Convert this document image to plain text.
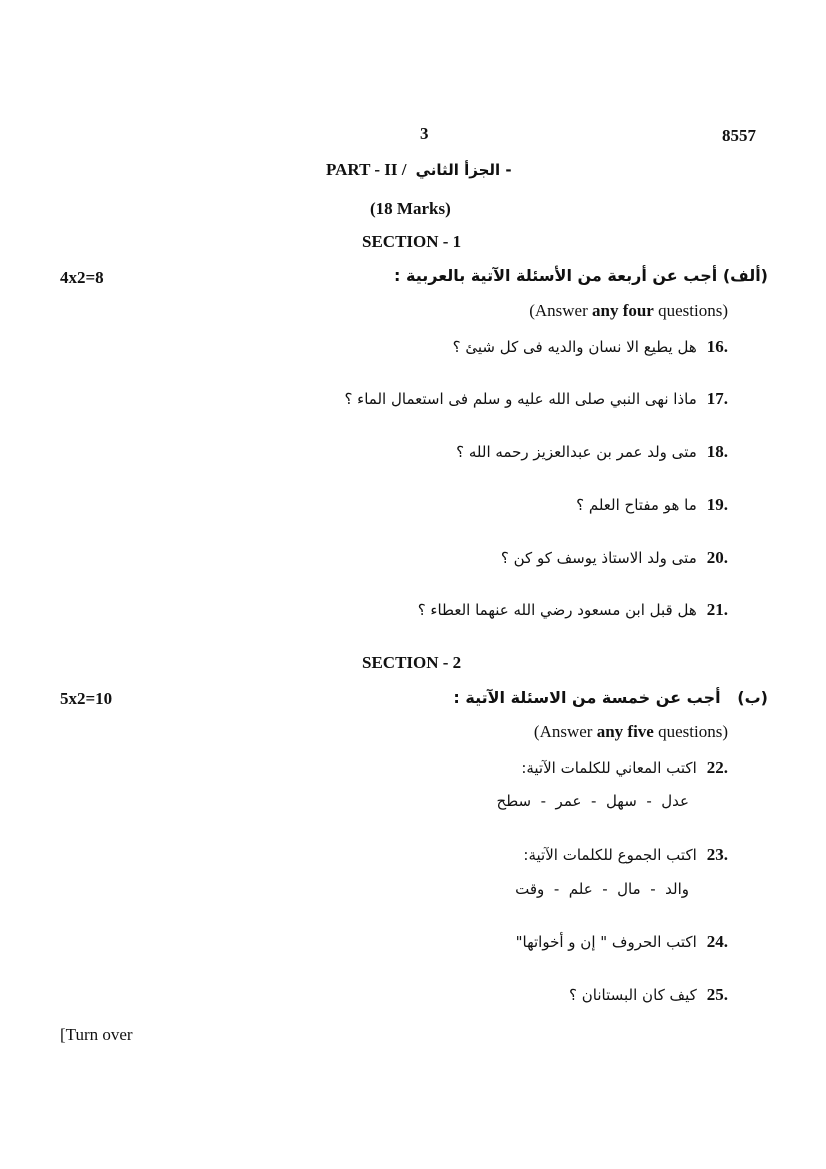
3	8557
PART - II / الجزأ الثاني -
(18 Marks)
SECTION - 1
4x2=8	(ألف) أجب عن أربعة من الأسئلة الآتية بالعربية :
(Answer any four questions)
16.
هل يطيع الا نسان والديه فى كل شيئ ؟
17.
ماذا نهى النبي صلى الله عليه و سلم فى استعمال الماء ؟
18.
متى ولد عمر بن عبدالعزيز رحمه الله ؟
19.
ما هو مفتاح العلم ؟
20.
متى ولد الاستاذ يوسف كو كن ؟
21.
هل قبل ابن مسعود رضي الله عنهما العطاء ؟
SECTION - 2
5x2=10	(ب)   أجب عن خمسة من الاسئلة الآتية :
(Answer any five questions)
22.
اكتب المعاني للكلمات الآتية:
عدل  -  سهل  -  عمر  -  سطح
23.
اكتب الجموع للكلمات الآتية:
والد  -  مال  -  علم  -  وقت
24.
اكتب الحروف " إن و أخواتها"
25.
كيف كان البستانان ؟
[Turn over
